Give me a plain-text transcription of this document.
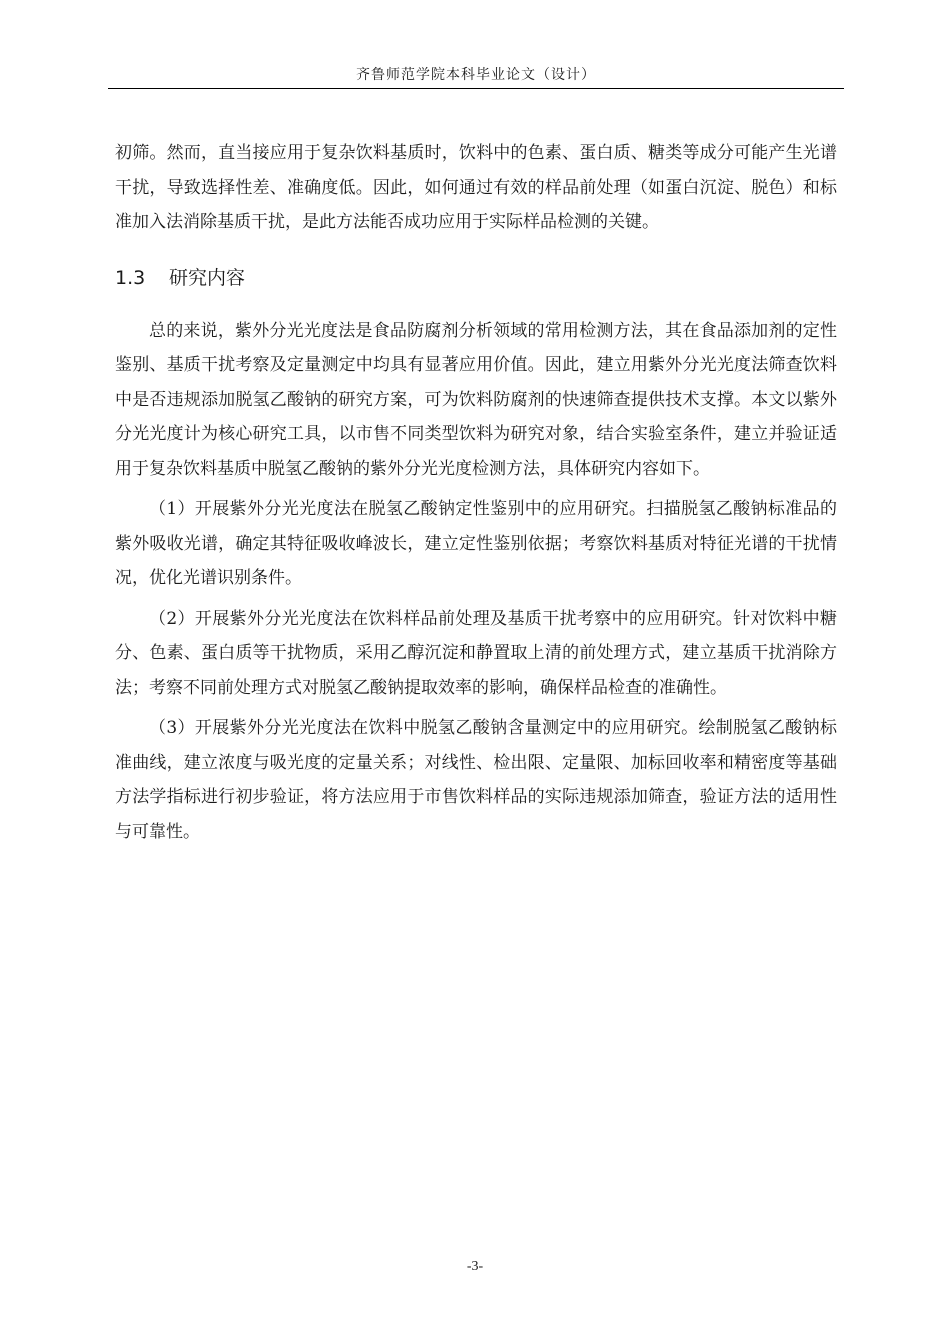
齐鲁师范学院本科毕业论文（设计）

初筛。然而，直当接应用于复杂饮料基质时，饮料中的色素、蛋白质、糖类等成分可能产生光谱干扰，导致选择性差、准确度低。因此，如何通过有效的样品前处理（如蛋白沉淀、脱色）和标准加入法消除基质干扰，是此方法能否成功应用于实际样品检测的关键。

1.3 研究内容

总的来说，紫外分光光度法是食品防腐剂分析领域的常用检测方法，其在食品添加剂的定性鉴别、基质干扰考察及定量测定中均具有显著应用价值。因此，建立用紫外分光光度法筛查饮料中是否违规添加脱氢乙酸钠的研究方案，可为饮料防腐剂的快速筛查提供技术支撑。本文以紫外分光光度计为核心研究工具，以市售不同类型饮料为研究对象，结合实验室条件，建立并验证适用于复杂饮料基质中脱氢乙酸钠的紫外分光光度检测方法，具体研究内容如下。

（1）开展紫外分光光度法在脱氢乙酸钠定性鉴别中的应用研究。扫描脱氢乙酸钠标准品的紫外吸收光谱，确定其特征吸收峰波长，建立定性鉴别依据；考察饮料基质对特征光谱的干扰情况，优化光谱识别条件。

（2）开展紫外分光光度法在饮料样品前处理及基质干扰考察中的应用研究。针对饮料中糖分、色素、蛋白质等干扰物质，采用乙醇沉淀和静置取上清的前处理方式，建立基质干扰消除方法；考察不同前处理方式对脱氢乙酸钠提取效率的影响，确保样品检查的准确性。

（3）开展紫外分光光度法在饮料中脱氢乙酸钠含量测定中的应用研究。绘制脱氢乙酸钠标准曲线，建立浓度与吸光度的定量关系；对线性、检出限、定量限、加标回收率和精密度等基础方法学指标进行初步验证，将方法应用于市售饮料样品的实际违规添加筛查，验证方法的适用性与可靠性。

-3-
